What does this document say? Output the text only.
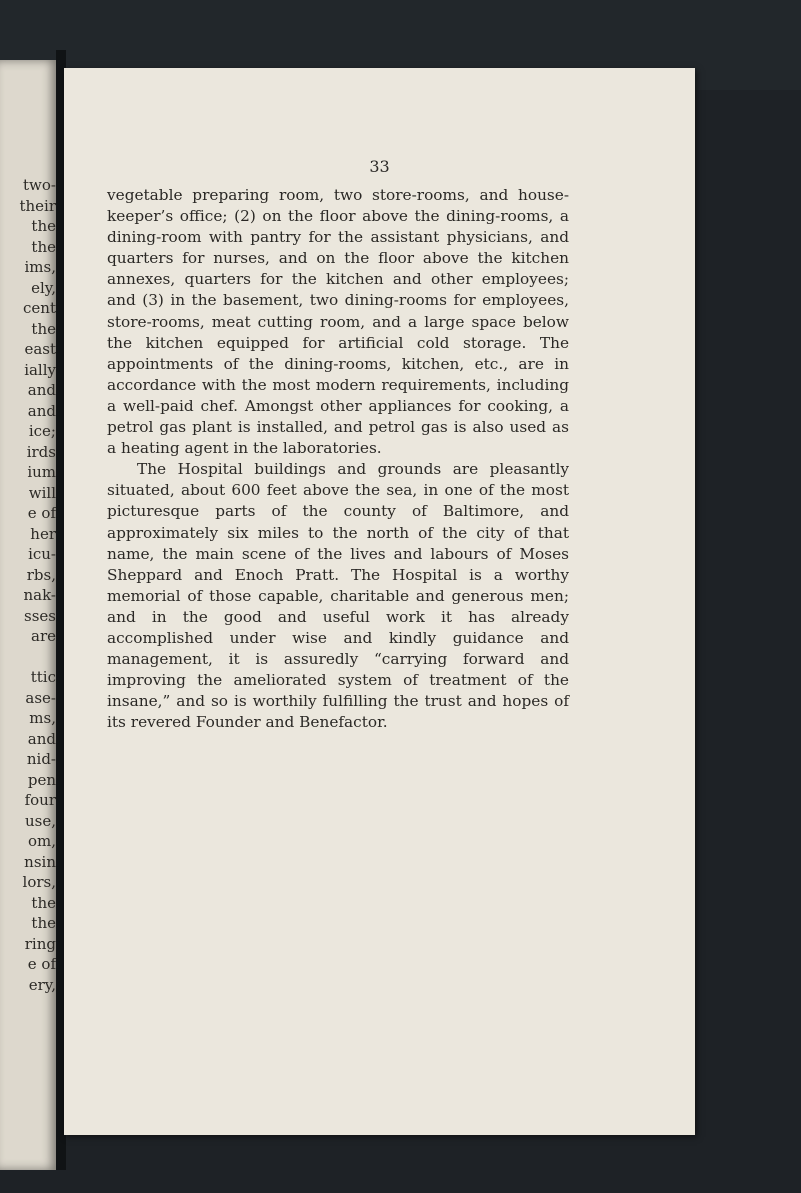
two-
their
the
the
ims,
ely,
cent
the
east
ially
and
and
ice;
irds
ium
will
e of
her
icu-
rbs,
nak-
sses
are
ttic
ase-
ms,
and
nid-
pen
four
use,
om,
nsin
lors,
the
the
ring
e of
ery,
33

vegetable preparing room, two store-rooms, and house-keeper’s office; (2) on the floor above the dining-rooms, a dining-room with pantry for the assistant physicians, and quarters for nurses, and on the floor above the kitchen annexes, quarters for the kitchen and other employees; and (3) in the basement, two dining-rooms for employees, store-rooms, meat cutting room, and a large space below the kitchen equipped for artificial cold storage. The appointments of the dining-rooms, kitchen, etc., are in accordance with the most modern requirements, including a well-paid chef. Amongst other appliances for cooking, a petrol gas plant is installed, and petrol gas is also used as a heating agent in the laboratories.

The Hospital buildings and grounds are pleasantly situated, about 600 feet above the sea, in one of the most picturesque parts of the county of Baltimore, and approximately six miles to the north of the city of that name, the main scene of the lives and labours of Moses Sheppard and Enoch Pratt. The Hospital is a worthy memorial of those capable, charitable and generous men; and in the good and useful work it has already accomplished under wise and kindly guidance and management, it is assuredly “carrying forward and improving the ameliorated system of treatment of the insane,” and so is worthily fulfilling the trust and hopes of its revered Founder and Benefactor.
